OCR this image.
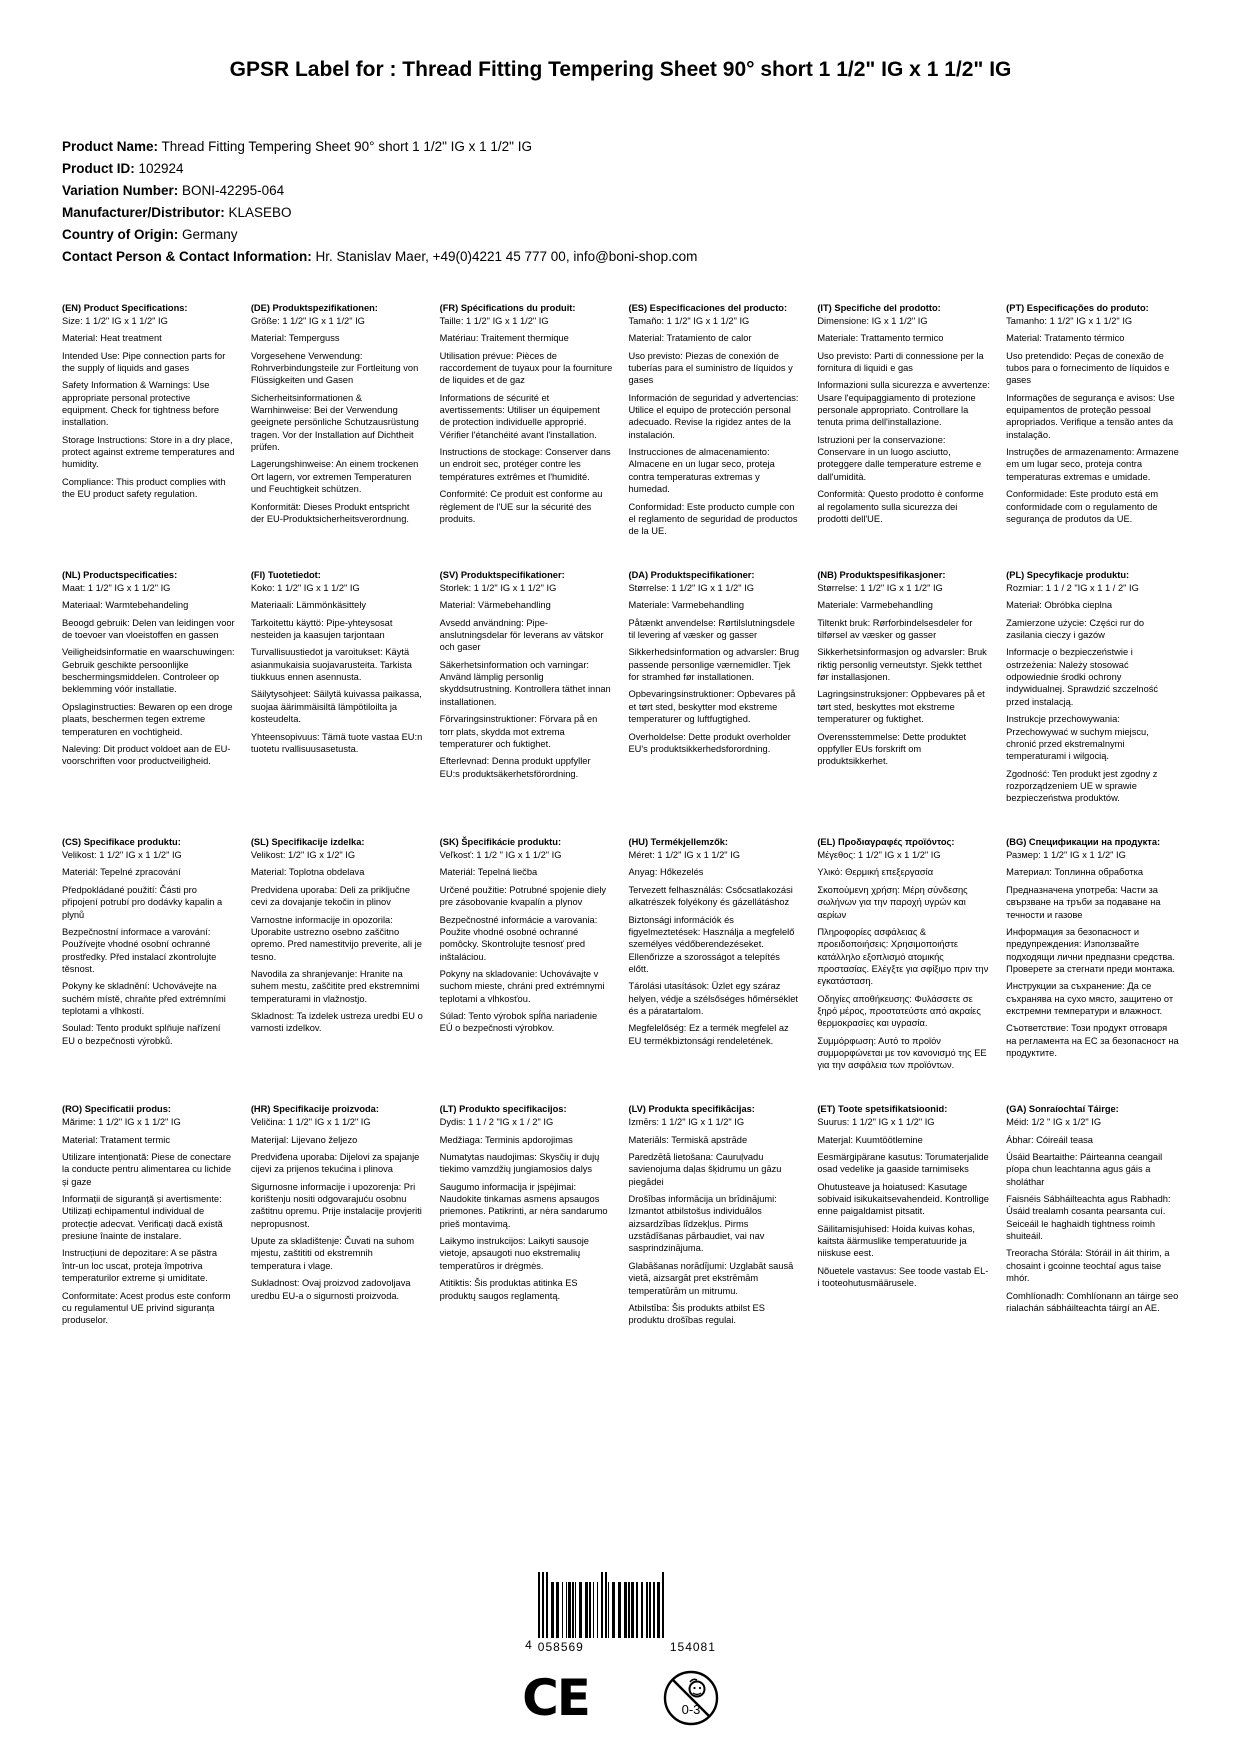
GPSR Label for : Thread Fitting Tempering Sheet 90° short 1 1/2" IG x 1 1/2" IG
Product Name: Thread Fitting Tempering Sheet 90° short 1 1/2" IG x 1 1/2" IG
Product ID: 102924
Variation Number: BONI-42295-064
Manufacturer/Distributor: KLASEBO
Country of Origin: Germany
Contact Person & Contact Information: Hr. Stanislav Maer, +49(0)4221 45 777 00, info@boni-shop.com
(EN) Product Specifications:

Size: 1 1/2" IG x 1 1/2" IG

Material: Heat treatment

Intended Use: Pipe connection parts for the supply of liquids and gases

Safety Information & Warnings: Use appropriate personal protective equipment. Check for tightness before installation.

Storage Instructions: Store in a dry place, protect against extreme temperatures and humidity.

Compliance: This product complies with the EU product safety regulation.

(DE) Produktspezifikationen:

Größe: 1 1/2" IG x 1 1/2" IG

Material: Temperguss

Vorgesehene Verwendung: Rohrverbindungsteile zur Fortleitung von Flüssigkeiten und Gasen

Sicherheitsinformationen & Warnhinweise: Bei der Verwendung geeignete persönliche Schutzausrüstung tragen. Vor der Installation auf Dichtheit prüfen.

Lagerungshinweise: An einem trockenen Ort lagern, vor extremen Temperaturen und Feuchtigkeit schützen.

Konformität: Dieses Produkt entspricht der EU-Produktsicherheitsverordnung.

(FR) Spécifications du produit:

Taille: 1 1/2" IG x 1 1/2" IG

Matériau: Traitement thermique

Utilisation prévue: Pièces de raccordement de tuyaux pour la fourniture de liquides et de gaz

Informations de sécurité et avertissements: Utiliser un équipement de protection individuelle approprié. Vérifier l'étanchéité avant l'installation.

Instructions de stockage: Conserver dans un endroit sec, protéger contre les températures extrêmes et l'humidité.

Conformité: Ce produit est conforme au règlement de l'UE sur la sécurité des produits.

(ES) Especificaciones del producto:

Tamaño: 1 1/2" IG x 1 1/2" IG

Material: Tratamiento de calor

Uso previsto: Piezas de conexión de tuberías para el suministro de líquidos y gases

Información de seguridad y advertencias: Utilice el equipo de protección personal adecuado. Revise la rigidez antes de la instalación.

Instrucciones de almacenamiento: Almacene en un lugar seco, proteja contra temperaturas extremas y humedad.

Conformidad: Este producto cumple con el reglamento de seguridad de productos de la UE.

(IT) Specifiche del prodotto:

Dimensione: IG x 1 1/2" IG

Materiale: Trattamento termico

Uso previsto: Parti di connessione per la fornitura di liquidi e gas

Informazioni sulla sicurezza e avvertenze: Usare l'equipaggiamento di protezione personale appropriato. Controllare la tenuta prima dell'installazione.

Istruzioni per la conservazione: Conservare in un luogo asciutto, proteggere dalle temperature estreme e dall'umidità.

Conformità: Questo prodotto è conforme al regolamento sulla sicurezza dei prodotti dell'UE.

(PT) Especificações do produto:

Tamanho: 1 1/2" IG x 1 1/2" IG

Material: Tratamento térmico

Uso pretendido: Peças de conexão de tubos para o fornecimento de líquidos e gases

Informações de segurança e avisos: Use equipamentos de proteção pessoal apropriados. Verifique a tensão antes da instalação.

Instruções de armazenamento: Armazene em um lugar seco, proteja contra temperaturas extremas e umidade.

Conformidade: Este produto está em conformidade com o regulamento de segurança de produtos da UE.

(NL) Productspecificaties:

Maat: 1 1/2" IG x 1 1/2" IG

Materiaal: Warmtebehandeling

Beoogd gebruik: Delen van leidingen voor de toevoer van vloeistoffen en gassen

Veiligheidsinformatie en waarschuwingen: Gebruik geschikte persoonlijke beschermingsmiddelen. Controleer op beklemming vóór installatie.

Opslaginstructies: Bewaren op een droge plaats, beschermen tegen extreme temperaturen en vochtigheid.

Naleving: Dit product voldoet aan de EU-voorschriften voor productveiligheid.

(FI) Tuotetiedot:

Koko: 1 1/2" IG x 1 1/2" IG

Materiaali: Lämmönkäsittely

Tarkoitettu käyttö: Pipe-yhteysosat nesteiden ja kaasujen tarjontaan

Turvallisuustiedot ja varoitukset: Käytä asianmukaisia suojavarusteita. Tarkista tiukkuus ennen asennusta.

Säilytysohjeet: Säilytä kuivassa paikassa, suojaa äärimmäisiltä lämpötiloilta ja kosteudelta.

Yhteensopivuus: Tämä tuote vastaa EU:n tuotetu rvallisuusasetusta.

(SV) Produktspecifikationer:

Storlek: 1 1/2" IG x 1 1/2" IG

Material: Värmebehandling

Avsedd användning: Pipe-anslutningsdelar för leverans av vätskor och gaser

Säkerhetsinformation och varningar: Använd lämplig personlig skyddsutrustning. Kontrollera täthet innan installationen.

Förvaringsinstruktioner: Förvara på en torr plats, skydda mot extrema temperaturer och fuktighet.

Efterlevnad: Denna produkt uppfyller EU:s produktsäkerhetsförordning.

(DA) Produktspecifikationer:

Størrelse: 1 1/2" IG x 1 1/2" IG

Materiale: Varmebehandling

Påtænkt anvendelse: Rørtilslutningsdele til levering af væsker og gasser

Sikkerhedsinformation og advarsler: Brug passende personlige værnemidler. Tjek for stramhed før installationen.

Opbevaringsinstruktioner: Opbevares på et tørt sted, beskytter mod ekstreme temperaturer og luftfugtighed.

Overholdelse: Dette produkt overholder EU's produktsikkerhedsforordning.

(NB) Produktspesifikasjoner:

Størrelse: 1 1/2" IG x 1 1/2" IG

Materiale: Varmebehandling

Tiltenkt bruk: Rørforbindelsesdeler for tilførsel av væsker og gasser

Sikkerhetsinformasjon og advarsler: Bruk riktig personlig verneutstyr. Sjekk tetthet før installasjonen.

Lagringsinstruksjoner: Oppbevares på et tørt sted, beskyttes mot ekstreme temperaturer og fuktighet.

Overensstemmelse: Dette produktet oppfyller EUs forskrift om produktsikkerhet.

(PL) Specyfikacje produktu:

Rozmiar: 1 1 / 2 "IG x 1 1 / 2" IG

Materiał: Obróbka cieplna

Zamierzone użycie: Części rur do zasilania cieczy i gazów

Informacje o bezpieczeństwie i ostrzeżenia: Należy stosować odpowiednie środki ochrony indywidualnej. Sprawdzić szczelność przed instalacją.

Instrukcje przechowywania: Przechowywać w suchym miejscu, chronić przed ekstremalnymi temperaturami i wilgocią.

Zgodność: Ten produkt jest zgodny z rozporządzeniem UE w sprawie bezpieczeństwa produktów.

(CS) Specifikace produktu:

Velikost: 1 1/2" IG x 1 1/2" IG

Materiál: Tepelné zpracování

Předpokládané použití: Části pro připojení potrubí pro dodávky kapalin a plynů

Bezpečnostní informace a varování: Používejte vhodné osobní ochranné prostředky. Před instalací zkontrolujte těsnost.

Pokyny ke skladnění: Uchovávejte na suchém místě, chraňte před extrémními teplotami a vlhkostí.

Soulad: Tento produkt splňuje nařízení EU o bezpečnosti výrobků.

(SL) Specifikacije izdelka:

Velikost: 1/2" IG x 1/2" IG

Material: Toplotna obdelava

Predvidena uporaba: Deli za priključne cevi za dovajanje tekočin in plinov

Varnostne informacije in opozorila: Uporabite ustrezno osebno zaščitno opremo. Pred namestitvijo preverite, ali je tesno.

Navodila za shranjevanje: Hranite na suhem mestu, zaščitite pred ekstremnimi temperaturami in vlažnostjo.

Skladnost: Ta izdelek ustreza uredbi EU o varnosti izdelkov.

(SK) Špecifikácie produktu:

Veľkosť: 1 1/2 " IG x 1 1/2" IG

Materiál: Tepelná liečba

Určené použitie: Potrubné spojenie diely pre zásobovanie kvapalín a plynov

Bezpečnostné informácie a varovania: Použite vhodné osobné ochranné pomôcky. Skontrolujte tesnosť pred inštaláciou.

Pokyny na skladovanie: Uchovávajte v suchom mieste, chráni pred extrémnymi teplotami a vlhkosťou.

Súlad: Tento výrobok spĺňa nariadenie EÚ o bezpečnosti výrobkov.

(HU) Termékjellemzők:

Méret: 1 1/2" IG x 1 1/2" IG

Anyag: Hőkezelés

Tervezett felhasználás: Csőcsatlakozási alkatrészek folyékony és gázellátáshoz

Biztonsági információk és figyelmeztetések: Használja a megfelelő személyes védőberendezéseket. Ellenőrizze a szorosságot a telepítés előtt.

Tárolási utasítások: Üzlet egy száraz helyen, védje a szélsőséges hőmérséklet és a páratartalom.

Megfelelőség: Ez a termék megfelel az EU termékbiztonsági rendeletének.

(EL) Προδιαγραφές προϊόντος:

Μέγεθος: 1 1/2" IG x 1 1/2" IG

Υλικό: Θερμική επεξεργασία

Σκοπούμενη χρήση: Μέρη σύνδεσης σωλήνων για την παροχή υγρών και αερίων

Πληροφορίες ασφάλειας & προειδοποιήσεις: Χρησιμοποιήστε κατάλληλο εξοπλισμό ατομικής προστασίας. Ελέγξτε για σφίξιμο πριν την εγκατάσταση.

Οδηγίες αποθήκευσης: Φυλάσσετε σε ξηρό μέρος, προστατεύστε από ακραίες θερμοκρασίες και υγρασία.

Συμμόρφωση: Αυτό το προϊόν συμμορφώνεται με τον κανονισμό της ΕΕ για την ασφάλεια των προϊόντων.

(BG) Спецификации на продукта:

Размер: 1 1/2" IG x 1 1/2" IG

Материал: Топлинна обработка

Предназначена употреба: Части за свързване на тръби за подаване на течности и газове

Информация за безопасност и предупреждения: Използвайте подходящи лични предпазни средства. Проверете за стегнати преди монтажа.

Инструкции за съхранение: Да се съхранява на сухо място, защитено от екстремни температури и влажност.

Съответствие: Този продукт отговаря на регламента на ЕС за безопасност на продуктите.

(RO) Specificatii produs:

Mărime: 1 1/2" IG x 1 1/2" IG

Material: Tratament termic

Utilizare intenționată: Piese de conectare la conducte pentru alimentarea cu lichide și gaze

Informații de siguranță și avertismente: Utilizați echipamentul individual de protecție adecvat. Verificați dacă există presiune înainte de instalare.

Instrucțiuni de depozitare: A se păstra într-un loc uscat, proteja împotriva temperaturilor extreme și umiditate.

Conformitate: Acest produs este conform cu regulamentul UE privind siguranța produselor.

(HR) Specifikacije proizvoda:

Veličina: 1 1/2" IG x 1 1/2" IG

Materijal: Lijevano željezo

Predviđena uporaba: Dijelovi za spajanje cijevi za prijenos tekućina i plinova

Sigurnosne informacije i upozorenja: Pri korištenju nositi odgovarajuću osobnu zaštitnu opremu. Prije instalacije provjeriti nepropusnost.

Upute za skladištenje: Čuvati na suhom mjestu, zaštititi od ekstremnih temperatura i vlage.

Sukladnost: Ovaj proizvod zadovoljava uredbu EU-a o sigurnosti proizvoda.

(LT) Produkto specifikacijos:

Dydis: 1 1 / 2 "IG x 1 / 2" IG

Medžiaga: Terminis apdorojimas

Numatytas naudojimas: Skysčių ir dujų tiekimo vamzdžių jungiamosios dalys

Saugumo informacija ir įspėjimai: Naudokite tinkamas asmens apsaugos priemones. Patikrinti, ar nėra sandarumo prieš montavimą.

Laikymo instrukcijos: Laikyti sausoje vietoje, apsaugoti nuo ekstremalių temperatūros ir drėgmės.

Atitiktis: Šis produktas atitinka ES produktų saugos reglamentą.

(LV) Produkta specifikācijas:

Izmērs: 1 1/2" IG x 1 1/2" IG

Materiāls: Termiskā apstrāde

Paredzētā lietošana: Cauruļvadu savienojuma daļas šķidrumu un gāzu piegādei

Drošības informācija un brīdinājumi: Izmantot atbilstošus individuālos aizsardzības līdzekļus. Pirms uzstādīšanas pārbaudiet, vai nav sasprindzinājuma.

Glabāšanas norādījumi: Uzglabāt sausā vietā, aizsargāt pret ekstrēmām temperatūrām un mitrumu.

Atbilstība: Šis produkts atbilst ES produktu drošības regulai.

(ET) Toote spetsifikatsioonid:

Suurus: 1 1/2" IG x 1 1/2" IG

Materjal: Kuumtöötlemine

Eesmärgipärane kasutus: Torumaterjalide osad vedelike ja gaaside tarnimiseks

Ohutusteave ja hoiatused: Kasutage sobivaid isikukaitsevahendeid. Kontrollige enne paigaldamist pitsatit.

Säilitamisjuhised: Hoida kuivas kohas, kaitsta äärmuslike temperatuuride ja niiskuse eest.

Nõuetele vastavus: See toode vastab EL-i tooteohutusmäärusele.

(GA) Sonraíochtaí Táirge:

Méid: 1/2 " IG x 1/2" IG

Ábhar: Cóireáil teasa

Úsáid Beartaithe: Páirteanna ceangail píopa chun leachtanna agus gáis a sholáthar

Faisnéis Sábháilteachta agus Rabhadh: Úsáid trealamh cosanta pearsanta cuí. Seiceáil le haghaidh tightness roimh shuiteáil.

Treoracha Stórála: Stóráil in áit thirim, a chosaint i gcoinne teochtaí agus taise mhór.

Comhlíonadh: Comhlíonann an táirge seo rialachán sábháilteachta táirgí an AE.

4 058569	154081
CE	0-3
